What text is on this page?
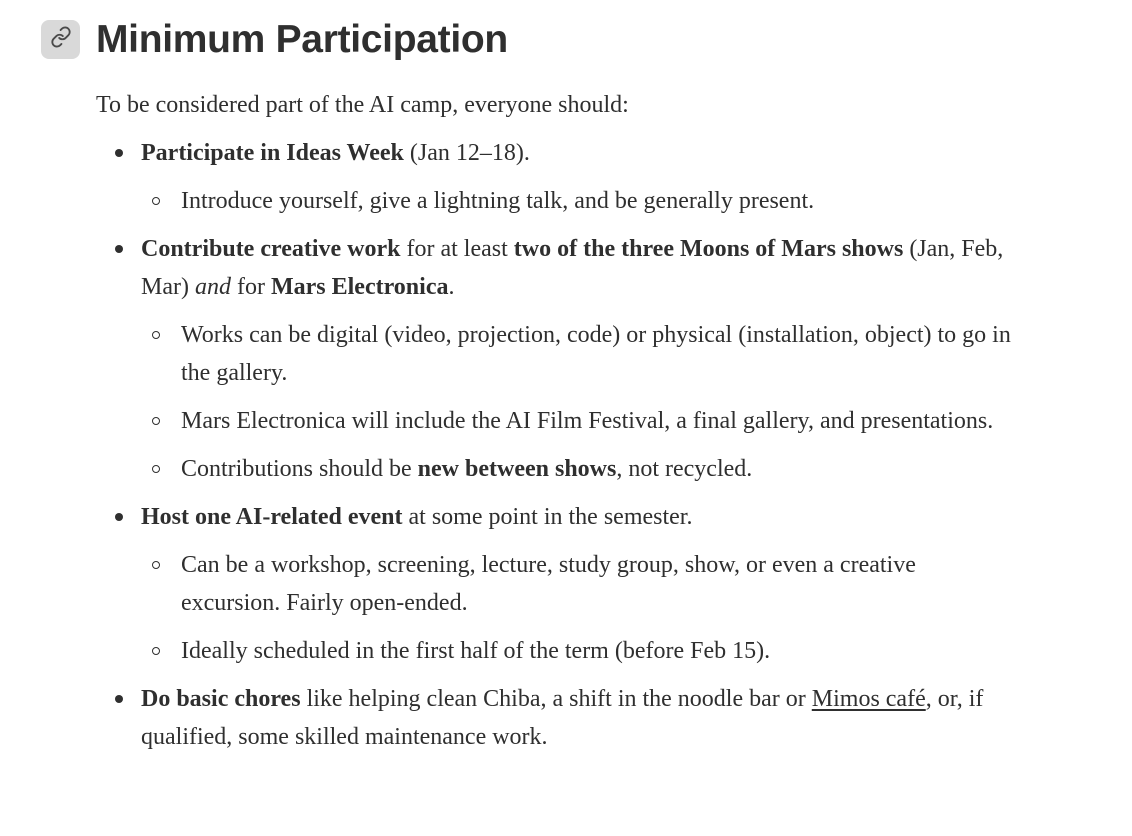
Minimum Participation

To be considered part of the AI camp, everyone should:

Participate in Ideas Week (Jan 12–18).
Introduce yourself, give a lightning talk, and be generally present.
Contribute creative work for at least two of the three Moons of Mars shows (Jan, Feb, Mar) and for Mars Electronica.
Works can be digital (video, projection, code) or physical (installation, object) to go in the gallery.
Mars Electronica will include the AI Film Festival, a final gallery, and presentations.
Contributions should be new between shows, not recycled.
Host one AI-related event at some point in the semester.
Can be a workshop, screening, lecture, study group, show, or even a creative excursion. Fairly open-ended.
Ideally scheduled in the first half of the term (before Feb 15).
Do basic chores like helping clean Chiba, a shift in the noodle bar or Mimos café, or, if qualified, some skilled maintenance work.
